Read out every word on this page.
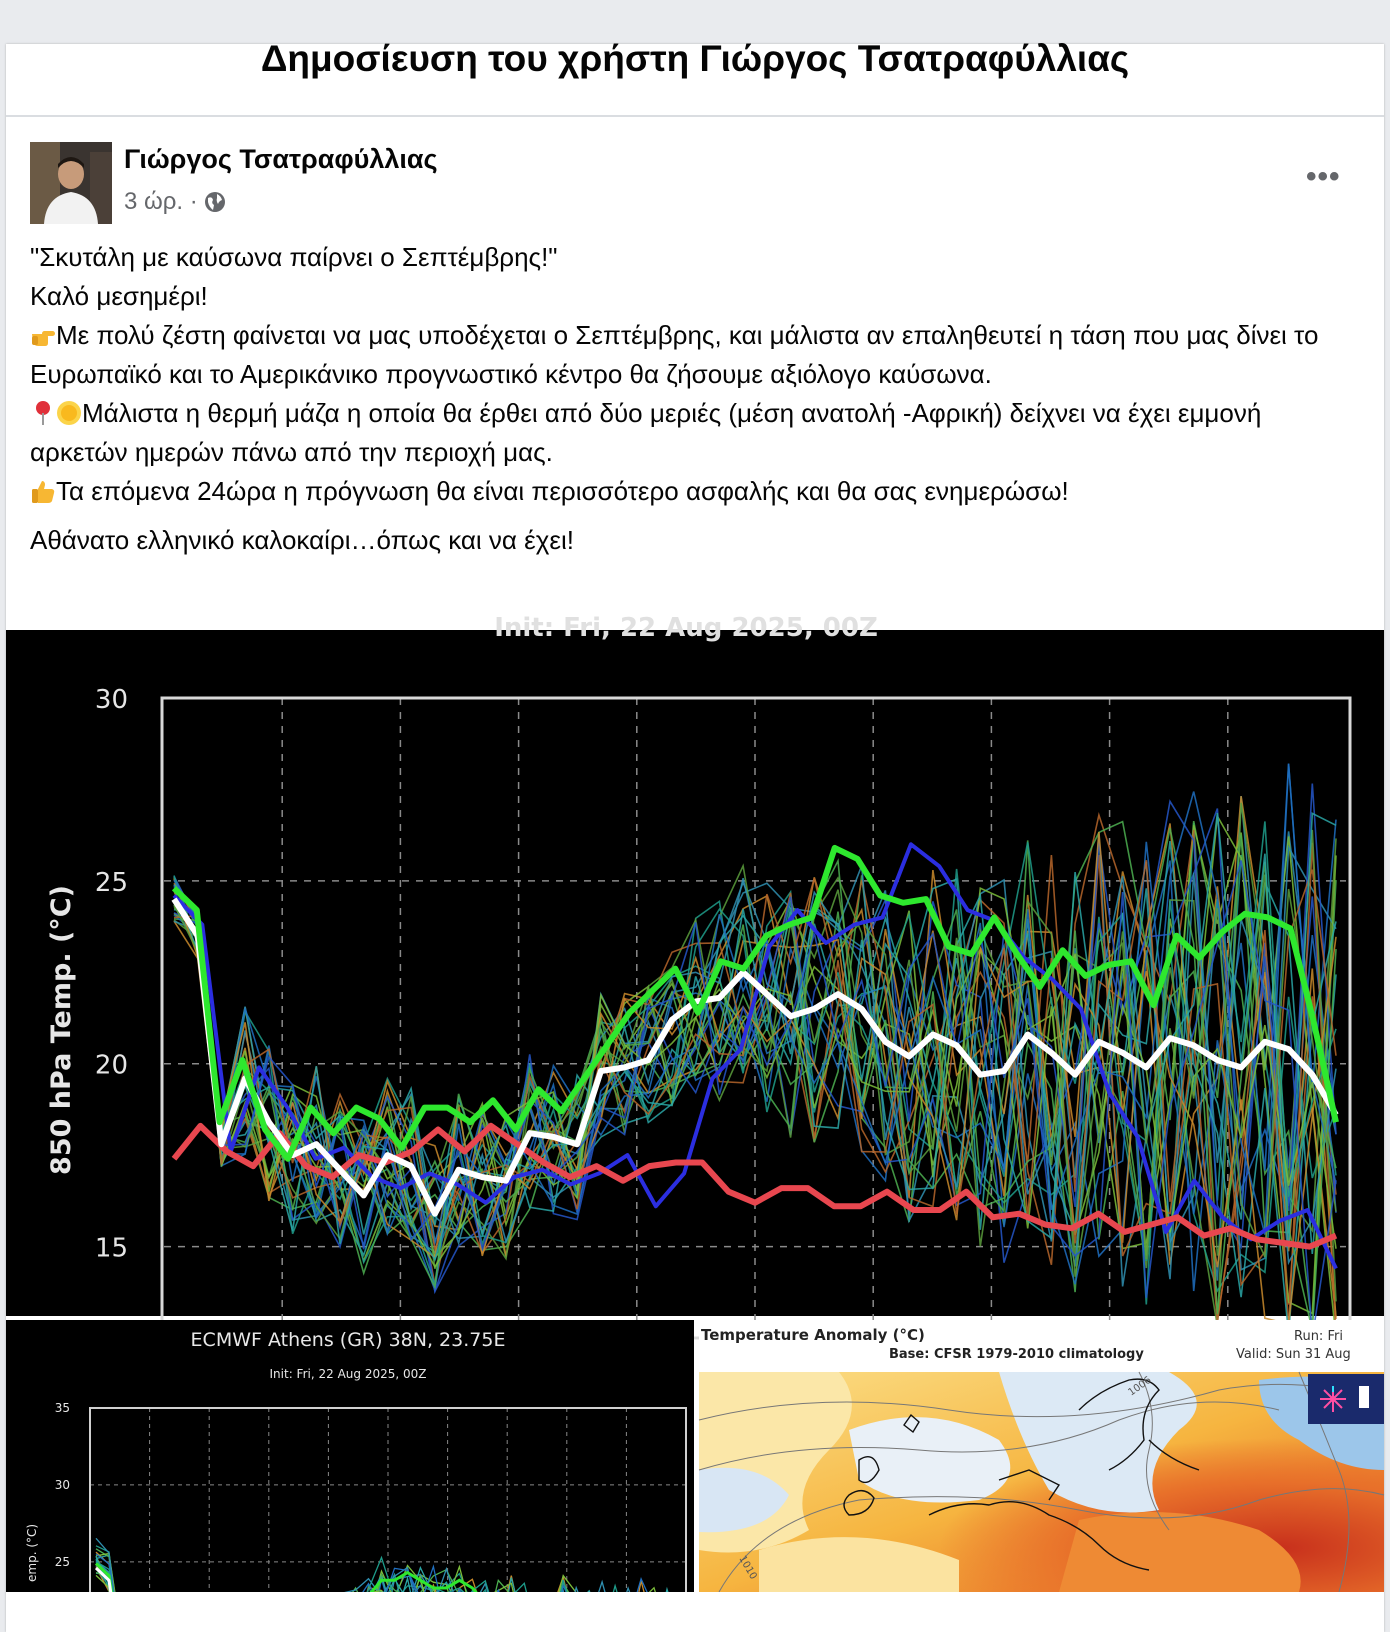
Δημοσίευση του χρήστη Γιώργος Τσατραφύλλιας
Γιώργος Τσατραφύλλιας
3 ώρ. ·
•••

"Σκυτάλη με καύσωνα παίρνει ο Σεπτέμβρης!"

Καλό μεσημέρι!

Με πολύ ζέστη φαίνεται να μας υποδέχεται ο Σεπτέμβρης, και μάλιστα αν επαληθευτεί η τάση που μας δίνει το Ευρωπαϊκό και το Αμερικάνικο προγνωστικό κέντρο θα ζήσουμε αξιόλογο καύσωνα.

Μάλιστα η θερμή μάζα η οποία θα έρθει από δύο μεριές (μέση ανατολή -Αφρική) δείχνει να έχει εμμονή αρκετών ημερών πάνω από την περιοχή μας.

Τα επόμενα 24ώρα η πρόγνωση θα είναι περισσότερο ασφαλής και θα σας ενημερώσω!

Αθάνατο ελληνικό καλοκαίρι…όπως και να έχει!

Init: Fri, 22 Aug 2025, 00Z
30
25
20
15
850 hPa Temp. (°C)
ECMWF Athens (GR) 38N, 23.75E
Init: Fri, 22 Aug 2025, 00Z
35
30
25
emp. (°C)
Temperature Anomaly (°C)
Base: CFSR 1979-2010 climatology
Run: Fri
Valid: Sun 31 Aug
1006
1010
